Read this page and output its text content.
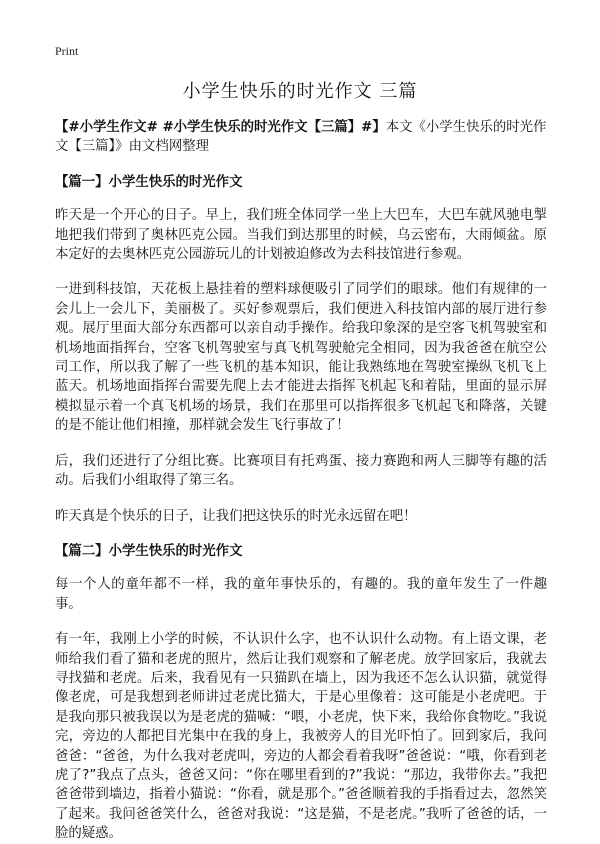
Print
小学生快乐的时光作文 三篇

【#小学生作文# #小学生快乐的时光作文【三篇】#】本文《小学生快乐的时光作文【三篇】》由文档网整理

【篇一】小学生快乐的时光作文

昨天是一个开心的日子。早上，我们班全体同学一坐上大巴车，大巴车就风驰电掣地把我们带到了奥林匹克公园。当我们到达那里的时候，乌云密布，大雨倾盆。原本定好的去奥林匹克公园游玩儿的计划被迫修改为去科技馆进行参观。

一进到科技馆，天花板上悬挂着的塑料球便吸引了同学们的眼球。他们有规律的一会儿上一会儿下，美丽极了。买好参观票后，我们便进入科技馆内部的展厅进行参观。展厅里面大部分东西都可以亲自动手操作。给我印象深的是空客飞机驾驶室和机场地面指挥台，空客飞机驾驶室与真飞机驾驶舱完全相同，因为我爸爸在航空公司工作，所以我了解了一些飞机的基本知识，能让我熟练地在驾驶室操纵飞机飞上蓝天。机场地面指挥台需要先爬上去才能进去指挥飞机起飞和着陆，里面的显示屏模拟显示着一个真飞机场的场景，我们在那里可以指挥很多飞机起飞和降落，关键的是不能让他们相撞，那样就会发生飞行事故了！

后，我们还进行了分组比赛。比赛项目有托鸡蛋、接力赛跑和两人三脚等有趣的活动。后我们小组取得了第三名。

昨天真是个快乐的日子，让我们把这快乐的时光永远留在吧！

【篇二】小学生快乐的时光作文

每一个人的童年都不一样，我的童年事快乐的，有趣的。我的童年发生了一件趣事。

有一年，我刚上小学的时候，不认识什么字，也不认识什么动物。有上语文课，老师给我们看了猫和老虎的照片，然后让我们观察和了解老虎。放学回家后，我就去寻找猫和老虎。后来，我看见有一只猫趴在墙上，因为我还不怎么认识猫，就觉得像老虎，可是我想到老师讲过老虎比猫大，于是心里像着：这可能是小老虎吧。于是我向那只被我误以为是老虎的猫喊：“喂，小老虎，快下来，我给你食物吃。”我说完，旁边的人都把目光集中在我的身上，我被旁人的目光吓怕了。回到家后，我问爸爸：“爸爸，为什么我对老虎叫，旁边的人都会看着我呀”爸爸说：“哦，你看到老虎了?”我点了点头，爸爸又问：“你在哪里看到的?”我说：“那边，我带你去。”我把爸爸带到墙边，指着小猫说：“你看，就是那个。”爸爸顺着我的手指看过去，忽然笑了起来。我问爸爸笑什么，爸爸对我说：“这是猫，不是老虎。”我听了爸爸的话，一脸的疑惑。
